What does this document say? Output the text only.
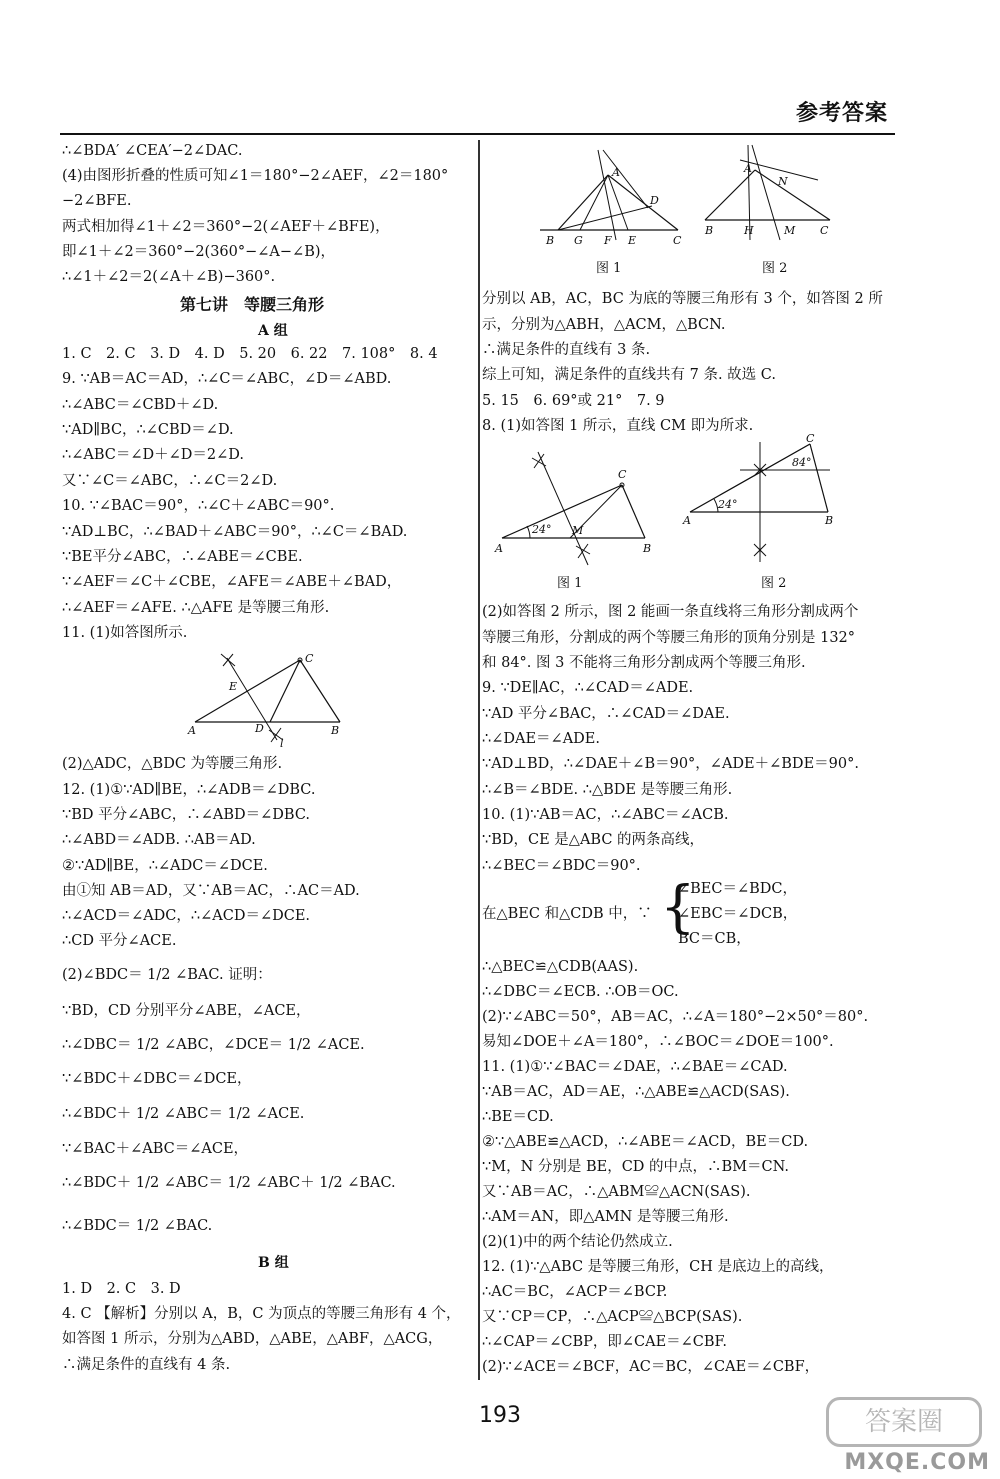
参考答案
∴∠BDA′ ∠CEA′−2∠DAC.
(4)由图形折叠的性质可知∠1＝180°−2∠AEF，∠2＝180°
−2∠BFE.
两式相加得∠1＋∠2＝360°−2(∠AEF＋∠BFE)，
即∠1＋∠2＝360°−2(360°−∠A−∠B)，
∴∠1＋∠2＝2(∠A＋∠B)−360°.
第七讲　等腰三角形
A 组
1. C　2. C　3. D　4. D　5. 20　6. 22　7. 108°　8. 4
9. ∵AB＝AC＝AD，∴∠C＝∠ABC，∠D＝∠ABD.
∴∠ABC＝∠CBD＋∠D.
∵AD∥BC，∴∠CBD＝∠D.
∴∠ABC＝∠D＋∠D＝2∠D.
又∵∠C＝∠ABC，∴∠C＝2∠D.
10. ∵∠BAC＝90°，∴∠C＋∠ABC＝90°.
∵AD⊥BC，∴∠BAD＋∠ABC＝90°，∴∠C＝∠BAD.
∵BE平分∠ABC，∴∠ABE＝∠CBE.
∵∠AEF＝∠C＋∠CBE，∠AFE＝∠ABE＋∠BAD，
∴∠AEF＝∠AFE. ∴△AFE 是等腰三角形.
11. (1)如答图所示.
C
E
A	D	B
l
(2)△ADC，△BDC 为等腰三角形.
12. (1)①∵AD∥BE，∴∠ADB＝∠DBC.
∵BD 平分∠ABC，∴∠ABD＝∠DBC.
∴∠ABD＝∠ADB. ∴AB＝AD.
②∵AD∥BE，∴∠ADC＝∠DCE.
由①知 AB＝AD，又∵AB＝AC，∴AC＝AD.
∴∠ACD＝∠ADC，∴∠ACD＝∠DCE.
∴CD 平分∠ACE.
(2)∠BDC＝ 1/2 ∠BAC. 证明：
∵BD，CD 分别平分∠ABE，∠ACE，
∴∠DBC＝ 1/2 ∠ABC，∠DCE＝ 1/2 ∠ACE.
∵∠BDC＋∠DBC＝∠DCE，
∴∠BDC＋ 1/2 ∠ABC＝ 1/2 ∠ACE.
∵∠BAC＋∠ABC＝∠ACE，
∴∠BDC＋ 1/2 ∠ABC＝ 1/2 ∠ABC＋ 1/2 ∠BAC.
∴∠BDC＝ 1/2 ∠BAC.
B 组
1. D　2. C　3. D
4. C 【解析】分别以 A，B，C 为顶点的等腰三角形有 4 个，
如答图 1 所示，分别为△ABD，△ABE，△ABF，△ACG，
∴满足条件的直线有 4 条.
A
D
B G F E	C
图 1
A
N
B	H	M C
图 2
分别以 AB，AC，BC 为底的等腰三角形有 3 个，如答图 2 所
示，分别为△ABH，△ACM，△BCN.
∴满足条件的直线有 3 条.
综上可知，满足条件的直线共有 7 条. 故选 C.
5. 15　6. 69°或 21°　7. 9
8. (1)如答图 1 所示，直线 CM 即为所求.
C
A
M
B
24°
图 1
C
A	B
24°
84°
图 2
(2)如答图 2 所示，图 2 能画一条直线将三角形分割成两个
等腰三角形，分割成的两个等腰三角形的顶角分别是 132°
和 84°. 图 3 不能将三角形分割成两个等腰三角形.
9. ∵DE∥AC，∴∠CAD＝∠ADE.
∵AD 平分∠BAC，∴∠CAD＝∠DAE.
∴∠DAE＝∠ADE.
∵AD⊥BD，∴∠DAE＋∠B＝90°，∠ADE＋∠BDE＝90°.
∴∠B＝∠BDE. ∴△BDE 是等腰三角形.
10. (1)∵AB＝AC，∴∠ABC＝∠ACB.
∵BD，CE 是△ABC 的两条高线，
∴∠BEC＝∠BDC＝90°.
在△BEC 和△CDB 中，∵ {
∠BEC＝∠BDC，
∠EBC＝∠DCB，
BC＝CB，
∴△BEC≌△CDB(AAS).
∴∠DBC＝∠ECB. ∴OB＝OC.
(2)∵∠ABC＝50°，AB＝AC，∴∠A＝180°−2×50°＝80°.
易知∠DOE＋∠A＝180°，∴∠BOC＝∠DOE＝100°.
11. (1)①∵∠BAC＝∠DAE，∴∠BAE＝∠CAD.
∵AB＝AC，AD＝AE，∴△ABE≌△ACD(SAS).
∴BE＝CD.
②∵△ABE≌△ACD，∴∠ABE＝∠ACD，BE＝CD.
∵M，N 分别是 BE，CD 的中点，∴BM＝CN.
又∵AB＝AC，∴△ABM≌△ACN(SAS).
∴AM＝AN，即△AMN 是等腰三角形.
(2)(1)中的两个结论仍然成立.
12. (1)∵△ABC 是等腰三角形，CH 是底边上的高线，
∴AC＝BC，∠ACP＝∠BCP.
又∵CP＝CP，∴△ACP≌△BCP(SAS).
∴∠CAP＝∠CBP，即∠CAE＝∠CBF.
(2)∵∠ACE＝∠BCF，AC＝BC，∠CAE＝∠CBF，
193	答案圈
MXQE.COM
